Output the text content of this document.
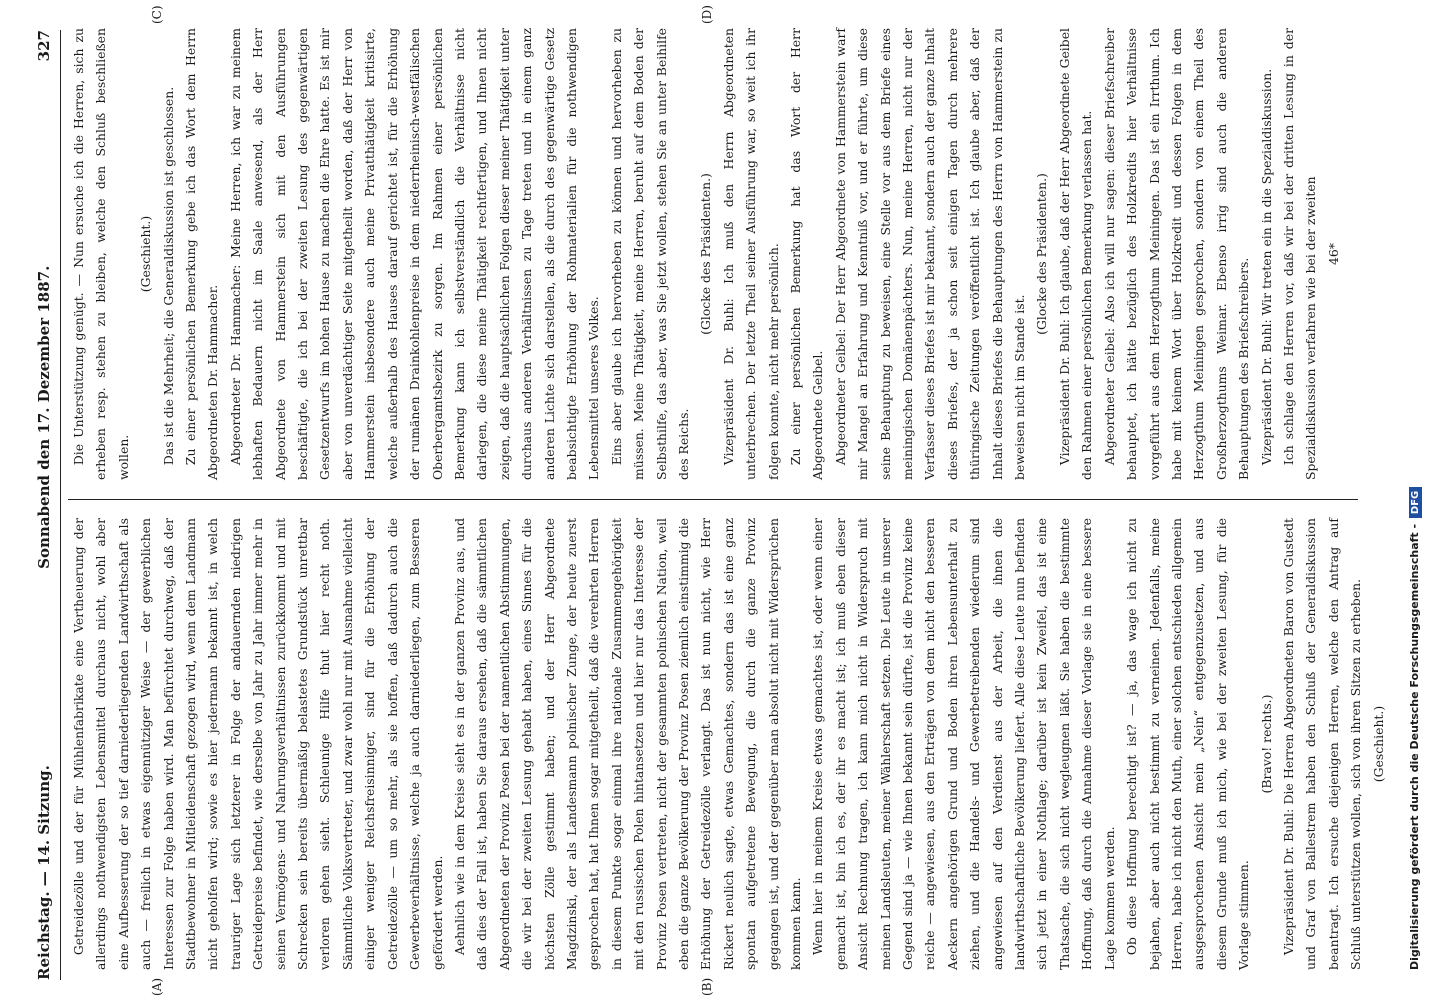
Reichstag. — 14. Sitzung.
Sonnabend den 17. Dezember 1887.
327
(A)	(B)
(C)	(D)

Getreidezölle und der für Mühlenfabrikate eine Vertheuerung der allerdings nothwendigsten Lebensmittel durchaus nicht, wohl aber eine Aufbesserung der so tief darniederliegenden Landwirthschaft als auch — freilich in etwas eigennütziger Weise — der gewerblichen Interessen zur Folge haben wird. Man befürchtet durchweg, daß der Stadtbewohner in Mitleidenschaft gezogen wird, wenn dem Landmann nicht geholfen wird; sowie es hier jedermann bekannt ist, in welch trauriger Lage sich letzterer in Folge der andauernden niedrigen Getreidepreise befindet, wie derselbe von Jahr zu Jahr immer mehr in seinen Vermögens- und Nahrungsverhältnissen zurückkommt und mit Schrecken sein bereits übermäßig belastetes Grundstück unrettbar verloren gehen sieht. Schleunige Hilfe thut hier recht noth. Sämmtliche Volksvertreter, und zwar wohl nur mit Ausnahme vielleicht einiger weniger Reichsfreisinniger, sind für die Erhöhung der Getreidezölle — um so mehr, als sie hoffen, daß dadurch auch die Gewerbeverhältnisse, welche ja auch darniederliegen, zum Besseren gefördert werden. Aehnlich wie in dem Kreise sieht es in der ganzen Provinz aus, und daß dies der Fall ist, haben Sie daraus ersehen, daß die sämmtlichen Abgeordneten der Provinz Posen bei der namentlichen Abstimmungen, die wir bei der zweiten Lesung gehabt haben, eines Sinnes für die höchsten Zölle gestimmt haben; und der Herr Abgeordnete Magdzinski, der als Landesmann polnischer Zunge, der heute zuerst gesprochen hat, hat Ihnen sogar mitgetheilt, daß die verehrten Herren in diesem Punkte sogar einmal ihre nationale Zusammengehörigkeit mit den russischen Polen hintansetzen und hier nur das Interesse der Provinz Posen vertreten, nicht der gesammten polnischen Nation, weil eben die ganze Bevölkerung der Provinz Posen ziemlich einstimmig die Erhöhung der Getreidezölle verlangt. Das ist nun nicht, wie Herr Rickert neulich sagte, etwas Gemachtes, sondern das ist eine ganz spontan aufgetretene Bewegung, die durch die ganze Provinz gegangen ist, und der gegenüber man absolut nicht mit Widersprüchen kommen kann. Wenn hier in meinem Kreise etwas gemachtes ist, oder wenn einer gemacht ist, bin ich es, der ihr es macht ist; ich muß eben dieser Ansicht Rechnung tragen, ich kann mich nicht in Widerspruch mit meinen Landsleuten, meiner Wählerschaft setzen. Die Leute in unserer Gegend sind ja — wie Ihnen bekannt sein dürfte, ist die Provinz keine reiche — angewiesen, aus den Erträgen von dem nicht den besseren Aeckern angehörigen Grund und Boden ihren Lebensunterhalt zu ziehen, und die Handels- und Gewerbetreibenden wiederum sind angewiesen auf den Verdienst aus der Arbeit, die ihnen die landwirthschaftliche Bevölkerung liefert. Alle diese Leute nun befinden sich jetzt in einer Nothlage; darüber ist kein Zweifel, das ist eine Thatsache, die sich nicht wegleugnen läßt. Sie haben die bestimmte Hoffnung, daß durch die Annahme dieser Vorlage sie in eine bessere Lage kommen werden. Ob diese Hoffnung berechtigt ist? — ja, das wage ich nicht zu bejahen, aber auch nicht bestimmt zu verneinen. Jedenfalls, meine Herren, habe ich nicht den Muth, einer solchen entschieden allgemein ausgesprochenen Ansicht mein „Nein“ entgegenzusetzen, und aus diesem Grunde muß ich mich, wie bei der zweiten Lesung, für die Vorlage stimmen.

(Bravo! rechts.) Vizepräsident Dr. Buhl: Die Herren Abgeordneten Baron von Gustedt und Graf von Ballestrem haben den Schluß der Generaldiskussion beantragt. Ich ersuche diejenigen Herren, welche den Antrag auf Schluß unterstützen wollen, sich von ihren Sitzen zu erheben. (Geschieht.)

Die Unterstützung genügt. — Nun ersuche ich die Herren, sich zu erheben resp. stehen zu bleiben, welche den Schluß beschließen wollen.

(Geschieht.) Das ist die Mehrheit; die Generaldiskussion ist geschlossen. Zu einer persönlichen Bemerkung gebe ich das Wort dem Herrn Abgeordneten Dr. Hammacher. Abgeordneter Dr. Hammacher: Meine Herren, ich war zu meinem lebhaften Bedauern nicht im Saale anwesend, als der Herr Abgeordnete von Hammerstein sich mit den Ausführungen beschäftigte, die ich bei der zweiten Lesung des gegenwärtigen Gesetzentwurfs im hohen Hause zu machen die Ehre hatte. Es ist mir aber von unverdächtiger Seite mitgetheilt worden, daß der Herr von Hammerstein insbesondere auch meine Privatthätigkeit kritisirte, welche außerhalb des Hauses darauf gerichtet ist, für die Erhöhung der rumänen Drainkohlenpreise in dem niederrheinisch-westfälischen Oberbergamtsbezirk zu sorgen. Im Rahmen einer persönlichen Bemerkung kann ich selbstverständlich die Verhältnisse nicht darlegen, die diese meine Thätigkeit rechtfertigen, und Ihnen nicht zeigen, daß die hauptsächlichen Folgen dieser meiner Thätigkeit unter durchaus anderen Verhältnissen zu Tage treten und in einem ganz anderen Lichte sich darstellen, als die durch des gegenwärtige Gesetz beabsichtigte Erhöhung der Rohmaterialien für die nothwendigen Lebensmittel unseres Volkes. Eins aber glaube ich hervorheben zu können und hervorheben zu müssen. Meine Thätigkeit, meine Herren, beruht auf dem Boden der Selbsthilfe, das aber, was Sie jetzt wollen, stehen Sie an unter Beihilfe des Reichs.

(Glocke des Präsidenten.) Vizepräsident Dr. Buhl: Ich muß den Herrn Abgeordneten unterbrechen. Der letzte Theil seiner Ausführung war, so weit ich ihr folgen konnte, nicht mehr persönlich. Zu einer persönlichen Bemerkung hat das Wort der Herr Abgeordnete Geibel. Abgeordneter Geibel: Der Herr Abgeordnete von Hammerstein warf mir Mangel an Erfahrung und Kenntniß vor, und er führte, um diese seine Behauptung zu beweisen, eine Stelle vor aus dem Briefe eines meiningischen Domänenpächters. Nun, meine Herren, nicht nur der Verfasser dieses Briefes ist mir bekannt, sondern auch der ganze Inhalt dieses Briefes, der ja schon seit einigen Tagen durch mehrere thüringische Zeitungen veröffentlicht ist. Ich glaube aber, daß der Inhalt dieses Briefes die Behauptungen des Herrn von Hammerstein zu beweisen nicht im Stande ist.

(Glocke des Präsidenten.) Vizepräsident Dr. Buhl: Ich glaube, daß der Herr Abgeordnete Geibel den Rahmen einer persönlichen Bemerkung verlassen hat. Abgeordneter Geibel: Also ich will nur sagen: dieser Briefschreiber behauptet, ich hätte bezüglich des Holzkredits hier Verhältnisse vorgeführt aus dem Herzogthum Meiningen. Das ist ein Irrthum. Ich habe mit keinem Wort über Holzkredit und dessen Folgen in dem Herzogthum Meiningen gesprochen, sondern von einem Theil des Großherzogthums Weimar. Ebenso irrig sind auch die anderen Behauptungen des Briefschreibers. Vizepräsident Dr. Buhl: Wir treten ein in die Spezialdiskussion. Ich schlage den Herren vor, daß wir bei der dritten Lesung in der Spezialdiskussion verfahren wie bei der zweiten 46*

Digitalisierung gefördert durch die Deutsche Forschungsgemeinschaft - DFG
